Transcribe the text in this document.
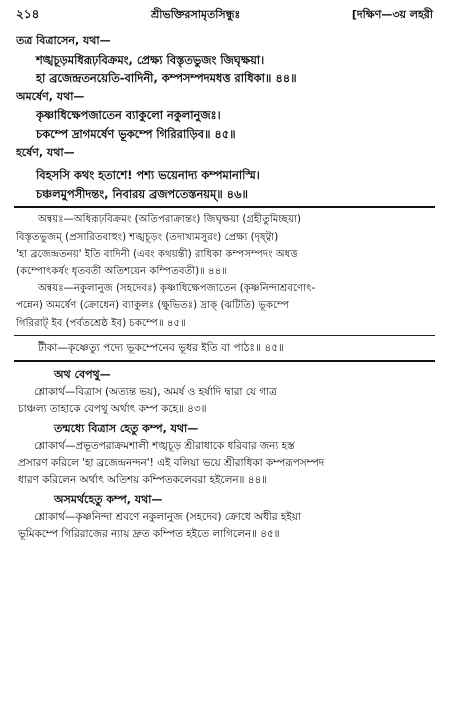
২১৪	শ্রীভক্তিরসামৃতসিন্ধুঃ	[দক্ষিণ—৩য় লহরী
তত্র বিত্রাসেন, যথা—
শঙ্খচূড়মধিরূঢ়বিক্রমং, প্রেক্ষ্য বিস্তৃতভুজং জিঘৃক্ষয়া।
হা ব্রজেন্দ্রতনয়েতি-বাদিনী, কম্পসম্পদমধত্ত রাধিকা॥ ৪৪॥
অমর্ষেণ, যথা—
কৃষ্ণাধিক্ষেপজাতেন ব্যাকুলো নকুলানুজঃ।
চকম্পে দ্রাগমর্ষেণ ভূকম্পে গিরিরাড়িব॥ ৪৫॥
হর্ষেণ, যথা—
বিহসসি কথং হতাশে! পশ্য ভয়েনাদ্য কম্পমানাস্মি।
চঞ্চলমুপসীদন্তং, নিবারয় ব্রজপতেস্তনয়ম্॥ ৪৬॥
অন্বয়ঃ—অধিরূঢ়বিক্রমং (অতিপরাক্রান্তং) জিঘৃক্ষয়া (গ্রহীতুমিচ্ছয়া)
বিস্তৃতভুজম্ (প্রসারিতবাহুং) শঙ্খচূড়ং (তদাখ্যমসুরং) প্রেক্ষ্য (দৃষ্ট্বা)
'হা ব্রজেন্দ্রতনয়' ইতি বাদিনী (এবং কথয়ন্তী) রাধিকা কম্পসম্পদং অধত্ত
(কম্পোৎকর্ষং ধৃতবতী অতিশয়েন কম্পিতবতী)॥ ৪৪॥
অন্বয়ঃ—নকুলানুজ (সহদেবঃ) কৃষ্ণাধিক্ষেপজাতেন (কৃষ্ণনিন্দাশ্রবণোৎ-
পন্নেন) অমর্ষেণ (ক্রোধেন) ব্যাকুলঃ (ক্ষুভিতঃ) দ্রাক্ (ঝটিতি) ভূকম্পে
গিরিরাট্ ইব (পর্বতশ্রেষ্ঠ ইব) চকম্পে॥ ৪৫॥
টীকা—কৃষ্ণেত্যু পদ্যে ভূকম্পেনেব ভূধর ইতি বা পাঠঃ॥ ৪৫॥
অথ বেপথু—
শ্লোকার্থ—বিত্রাস (অত্যন্ত ভয়), অমর্ষ ও হর্ষাদি দ্বারা যে গাত্র
চাঞ্চল্য তাহাকে বেপথু অর্থাৎ কম্প কহে॥ ৪৩॥
তন্মধ্যে বিত্রাস হেতু কম্প, যথা—
শ্লোকার্থ—প্রভূতপরাক্রমশালী শঙ্খচূড় শ্রীরাধাকে ধরিবার জন্য হস্ত
প্রসারণ করিলে 'হা ব্রজেন্দ্রনন্দন'! এই বলিয়া ভয়ে শ্রীরাধিকা কম্পরূপসম্পদ
ধারণ করিলেন অর্থাৎ অতিশয় কম্পিতকলেবরা হইলেন॥ ৪৪॥
অসমর্থহেতু কম্প, যথা—
শ্লোকার্থ—কৃষ্ণনিন্দা শ্রবণে নকুলানুজ (সহদেব) ক্রোধে অধীর হইয়া
ভূমিকম্পে গিরিরাজের ন্যায় দ্রুত কম্পিত হইতে লাগিলেন॥ ৪৫॥
